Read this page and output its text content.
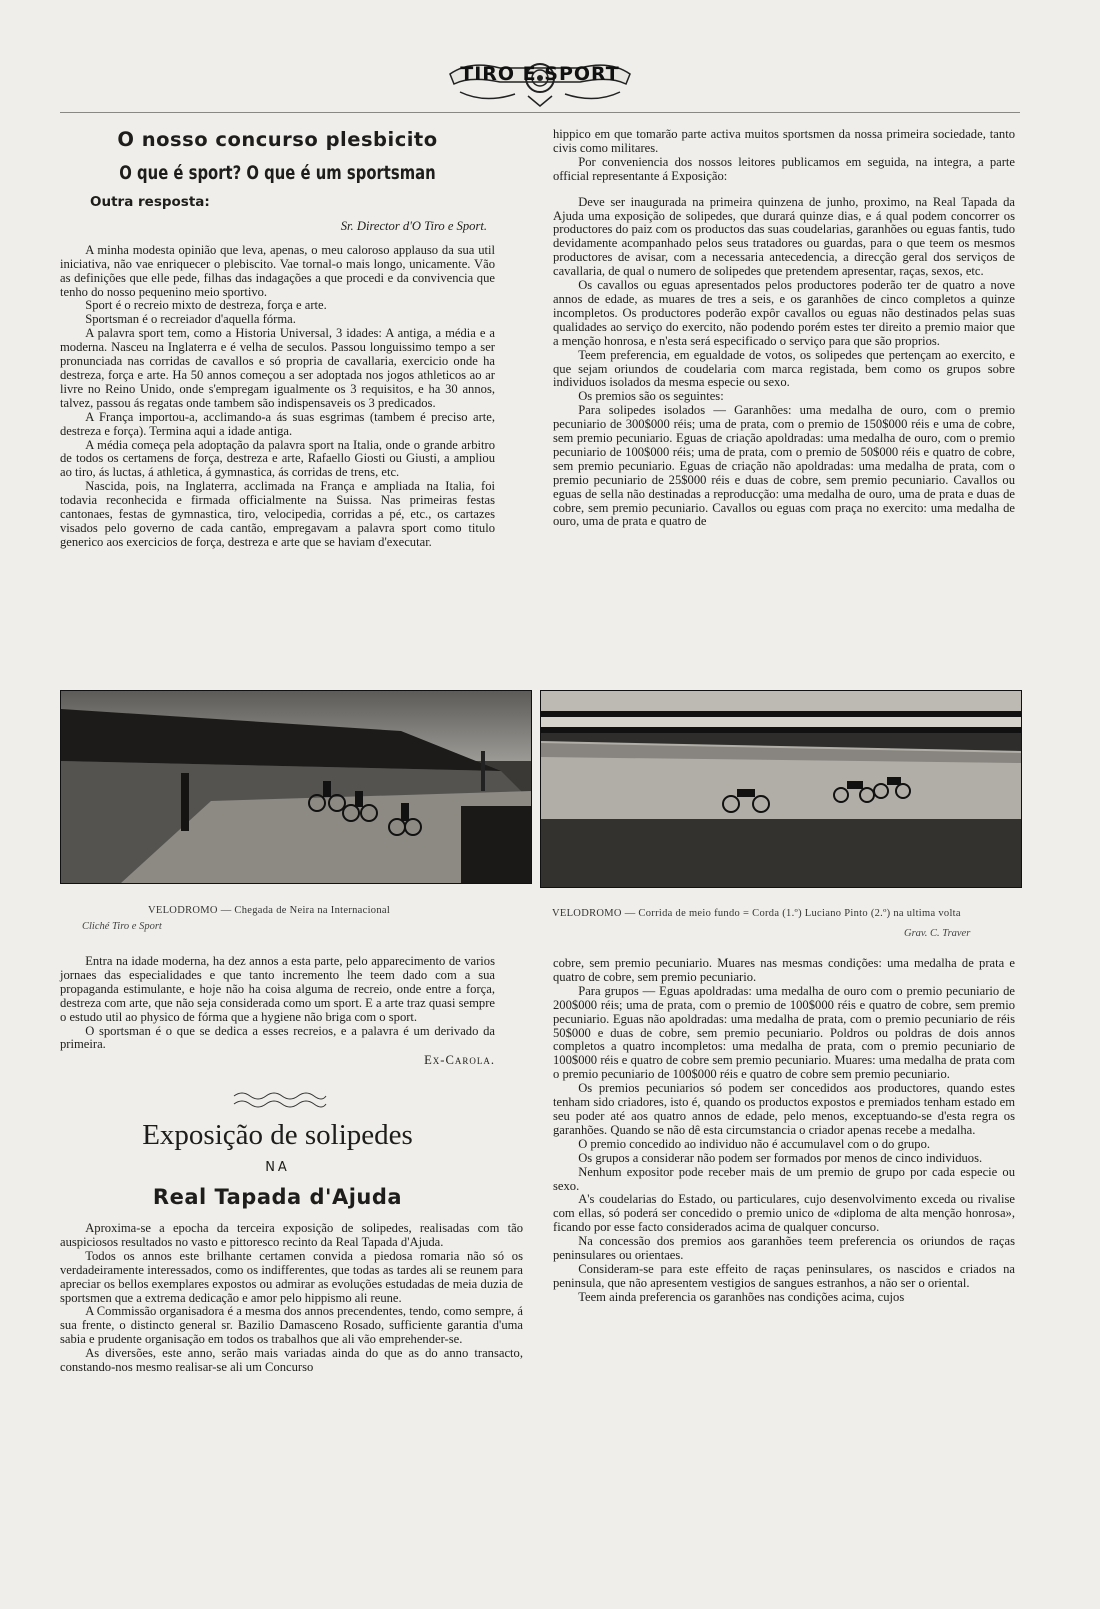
TIRO E SPORT
O nosso concurso plesbicito
O que é sport? O que é um sportsman
Outra resposta:
Sr. Director d'O Tiro e Sport.

A minha modesta opinião que leva, apenas, o meu caloroso applauso da sua util iniciativa, não vae enriquecer o plebiscito. Vae tornal-o mais longo, unicamente. Vão as definições que elle pede, filhas das indagações a que procedi e da convivencia que tenho do nosso pequenino meio sportivo.

Sport é o recreio mixto de destreza, força e arte.

Sportsman é o recreiador d'aquella fórma.

A palavra sport tem, como a Historia Universal, 3 idades: A antiga, a média e a moderna. Nasceu na Inglaterra e é velha de seculos. Passou longuissimo tempo a ser pronunciada nas corridas de cavallos e só propria de cavallaria, exercicio onde ha destreza, força e arte. Ha 50 annos começou a ser adoptada nos jogos athleticos ao ar livre no Reino Unido, onde s'empregam igualmente os 3 requisitos, e ha 30 annos, talvez, passou ás regatas onde tambem são indispensaveis os 3 predicados.

A França importou-a, acclimando-a ás suas esgrimas (tambem é preciso arte, destreza e força). Termina aqui a idade antiga.

A média começa pela adoptação da palavra sport na Italia, onde o grande arbitro de todos os certamens de força, destreza e arte, Rafaello Giosti ou Giusti, a ampliou ao tiro, ás luctas, á athletica, á gymnastica, ás corridas de trens, etc.

Nascida, pois, na Inglaterra, acclimada na França e ampliada na Italia, foi todavia reconhecida e firmada officialmente na Suissa. Nas primeiras festas cantonaes, festas de gymnastica, tiro, velocipedia, corridas a pé, etc., os cartazes visados pelo governo de cada cantão, empregavam a palavra sport como titulo generico aos exercicios de força, destreza e arte que se haviam d'executar.

hippico em que tomarão parte activa muitos sportsmen da nossa primeira sociedade, tanto civis como militares.

Por conveniencia dos nossos leitores publicamos em seguida, na integra, a parte official representante á Exposição:

Deve ser inaugurada na primeira quinzena de junho, proximo, na Real Tapada da Ajuda uma exposição de solipedes, que durará quinze dias, e á qual podem concorrer os productores do paiz com os productos das suas coudelarias, garanhões ou eguas fantis, tudo devidamente acompanhado pelos seus tratadores ou guardas, para o que teem os mesmos productores de avisar, com a necessaria antecedencia, a direcção geral dos serviços de cavallaria, de qual o numero de solipedes que pretendem apresentar, raças, sexos, etc.

Os cavallos ou eguas apresentados pelos productores poderão ter de quatro a nove annos de edade, as muares de tres a seis, e os garanhões de cinco completos a quinze incompletos. Os productores poderão expôr cavallos ou eguas não destinados pelas suas qualidades ao serviço do exercito, não podendo porém estes ter direito a premio maior que a menção honrosa, e n'esta será especificado o serviço para que são proprios.

Teem preferencia, em egualdade de votos, os solipedes que pertençam ao exercito, e que sejam oriundos de coudelaria com marca registada, bem como os grupos sobre individuos isolados da mesma especie ou sexo.

Os premios são os seguintes:

Para solipedes isolados — Garanhões: uma medalha de ouro, com o premio pecuniario de 300$000 réis; uma de prata, com o premio de 150$000 réis e uma de cobre, sem premio pecuniario. Eguas de criação apoldradas: uma medalha de ouro, com o premio pecuniario de 100$000 réis; uma de prata, com o premio de 50$000 réis e quatro de cobre, sem premio pecuniario. Eguas de criação não apoldradas: uma medalha de prata, com o premio pecuniario de 25$000 réis e duas de cobre, sem premio pecuniario. Cavallos ou eguas de sella não destinadas a reproducção: uma medalha de ouro, uma de prata e duas de cobre, sem premio pecuniario. Cavallos ou eguas com praça no exercito: uma medalha de ouro, uma de prata e quatro de

VELODROMO — Chegada de Neira na Internacional
Cliché Tiro e Sport
VELODROMO — Corrida de meio fundo = Corda (1.º) Luciano Pinto (2.º) na ultima volta
Grav. C. Traver

Entra na idade moderna, ha dez annos a esta parte, pelo apparecimento de varios jornaes das especialidades e que tanto incremento lhe teem dado com a sua propaganda estimulante, e hoje não ha coisa alguma de recreio, onde entre a força, destreza com arte, que não seja considerada como um sport. E a arte traz quasi sempre o estudo util ao physico de fórma que a hygiene não briga com o sport.

O sportsman é o que se dedica a esses recreios, e a palavra é um derivado da primeira.

Ex-Carola.
Exposição de solipedes
NA
Real Tapada d'Ajuda

Aproxima-se a epocha da terceira exposição de solipedes, realisadas com tão auspiciosos resultados no vasto e pittoresco recinto da Real Tapada d'Ajuda.

Todos os annos este brilhante certamen convida a piedosa romaria não só os verdadeiramente interessados, como os indifferentes, que todas as tardes ali se reunem para apreciar os bellos exemplares expostos ou admirar as evoluções estudadas de meia duzia de sportsmen que a extrema dedicação e amor pelo hippismo ali reune.

A Commissão organisadora é a mesma dos annos precendentes, tendo, como sempre, á sua frente, o distincto general sr. Bazilio Damasceno Rosado, sufficiente garantia d'uma sabia e prudente organisação em todos os trabalhos que ali vão emprehender-se.

As diversões, este anno, serão mais variadas ainda do que as do anno transacto, constando-nos mesmo realisar-se ali um Concurso

cobre, sem premio pecuniario. Muares nas mesmas condições: uma medalha de prata e quatro de cobre, sem premio pecuniario.

Para grupos — Eguas apoldradas: uma medalha de ouro com o premio pecuniario de 200$000 réis; uma de prata, com o premio de 100$000 réis e quatro de cobre, sem premio pecuniario. Eguas não apoldradas: uma medalha de prata, com o premio pecuniario de réis 50$000 e duas de cobre, sem premio pecuniario. Poldros ou poldras de dois annos completos a quatro incompletos: uma medalha de prata, com o premio pecuniario de 100$000 réis e quatro de cobre sem premio pecuniario. Muares: uma medalha de prata com o premio pecuniario de 100$000 réis e quatro de cobre sem premio pecuniario.

Os premios pecuniarios só podem ser concedidos aos productores, quando estes tenham sido criadores, isto é, quando os productos expostos e premiados tenham estado em seu poder até aos quatro annos de edade, pelo menos, exceptuando-se d'esta regra os garanhões. Quando se não dê esta circumstancia o criador apenas recebe a medalha.

O premio concedido ao individuo não é accumulavel com o do grupo.

Os grupos a considerar não podem ser formados por menos de cinco individuos.

Nenhum expositor pode receber mais de um premio de grupo por cada especie ou sexo.

A's coudelarias do Estado, ou particulares, cujo desenvolvimento exceda ou rivalise com ellas, só poderá ser concedido o premio unico de «diploma de alta menção honrosa», ficando por esse facto considerados acima de qualquer concurso.

Na concessão dos premios aos garanhões teem preferencia os oriundos de raças peninsulares ou orientaes.

Consideram-se para este effeito de raças peninsulares, os nascidos e criados na peninsula, que não apresentem vestigios de sangues estranhos, a não ser o oriental.

Teem ainda preferencia os garanhões nas condições acima, cujos
